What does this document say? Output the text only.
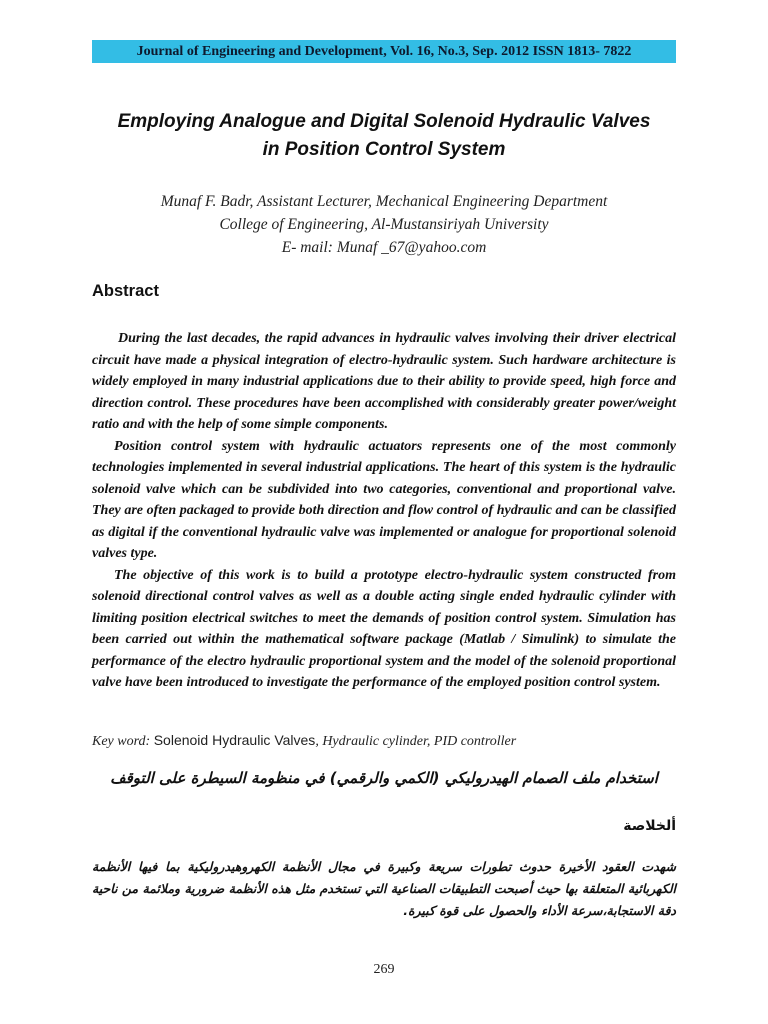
Journal of Engineering and Development, Vol. 16, No.3, Sep. 2012 ISSN 1813- 7822
Employing Analogue and Digital Solenoid Hydraulic Valves
in Position Control System
Munaf F. Badr, Assistant Lecturer, Mechanical Engineering Department
College of Engineering, Al-Mustansiriyah University
E- mail: Munaf _67@yahoo.com
Abstract

During the last decades, the rapid advances in hydraulic valves involving their driver electrical circuit have made a physical integration of electro-hydraulic system. Such hardware architecture is widely employed in many industrial applications due to their ability to provide speed, high force and direction control. These procedures have been accomplished with considerably greater power/weight ratio and with the help of some simple components.

Position control system with hydraulic actuators represents one of the most commonly technologies implemented in several industrial applications. The heart of this system is the hydraulic solenoid valve which can be subdivided into two categories, conventional and proportional valve. They are often packaged to provide both direction and flow control of hydraulic and can be classified as digital if the conventional hydraulic valve was implemented or analogue for proportional solenoid valves type.

The objective of this work is to build a prototype electro-hydraulic system constructed from solenoid directional control valves as well as a double acting single ended hydraulic cylinder with limiting position electrical switches to meet the demands of position control system. Simulation has been carried out within the mathematical software package (Matlab / Simulink) to simulate the performance of the electro hydraulic proportional system and the model of the solenoid proportional valve have been introduced to investigate the performance of the employed position control system.

Key word: Solenoid Hydraulic Valves, Hydraulic cylinder, PID controller
استخدام ملف الصمام الهيدروليكي (الكمي والرقمي) في منظومة السيطرة على التوقف
ألخلاصة

شهدت العقود الأخيرة حدوث تطورات سريعة وكبيرة في مجال الأنظمة الكهروهيدروليكية بما فيها الأنظمة الكهربائية المتعلقة بها حيث أصبحت التطبيقات الصناعية التي تستخدم مثل هذه الأنظمة ضرورية وملائمة من ناحية دقة الاستجابة،سرعة الأداء والحصول على قوة كبيرة.

269
